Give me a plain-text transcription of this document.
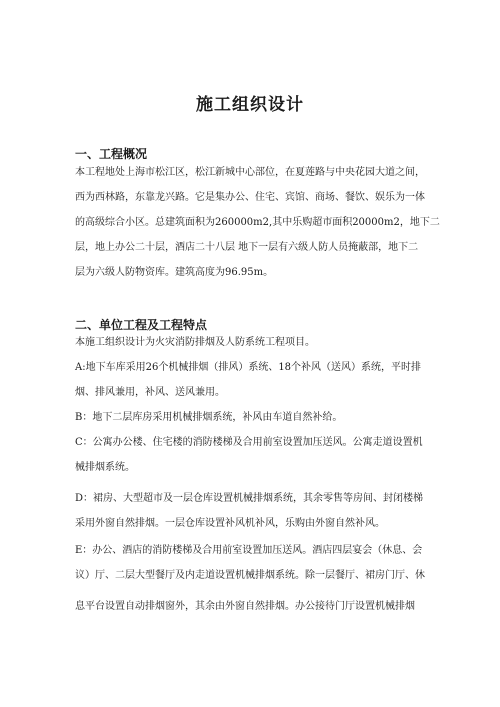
施工组织设计
一、工程概况
本工程地处上海市松江区，松江新城中心部位，在夏莲路与中央花园大道之间，
西为西林路，东靠龙兴路。它是集办公、住宅、宾馆、商场、餐饮、娱乐为一体
的高级综合小区。总建筑面积为260000m2,其中乐购超市面积20000m2，地下二
层，地上办公二十层，酒店二十八层 地下一层有六级人防人员掩蔽部，地下二
层为六级人防物资库。建筑高度为96.95m。
二、单位工程及工程特点
本施工组织设计为火灾消防排烟及人防系统工程项目。
A:地下车库采用26个机械排烟（排风）系统、18个补风（送风）系统，平时排
烟、排风兼用，补风、送风兼用。
B：地下二层库房采用机械排烟系统，补风由车道自然补给。
C：公寓办公楼、住宅楼的消防楼梯及合用前室设置加压送风。公寓走道设置机
械排烟系统。
D：裙房、大型超市及一层仓库设置机械排烟系统，其余零售等房间、封闭楼梯
采用外窗自然排烟。一层仓库设置补风机补风，乐购由外窗自然补风。
E：办公、酒店的消防楼梯及合用前室设置加压送风。酒店四层宴会（休息、会
议）厅、二层大型餐厅及内走道设置机械排烟系统。除一层餐厅、裙房门厅、休
息平台设置自动排烟窗外，其余由外窗自然排烟。办公接待门厅设置机械排烟
